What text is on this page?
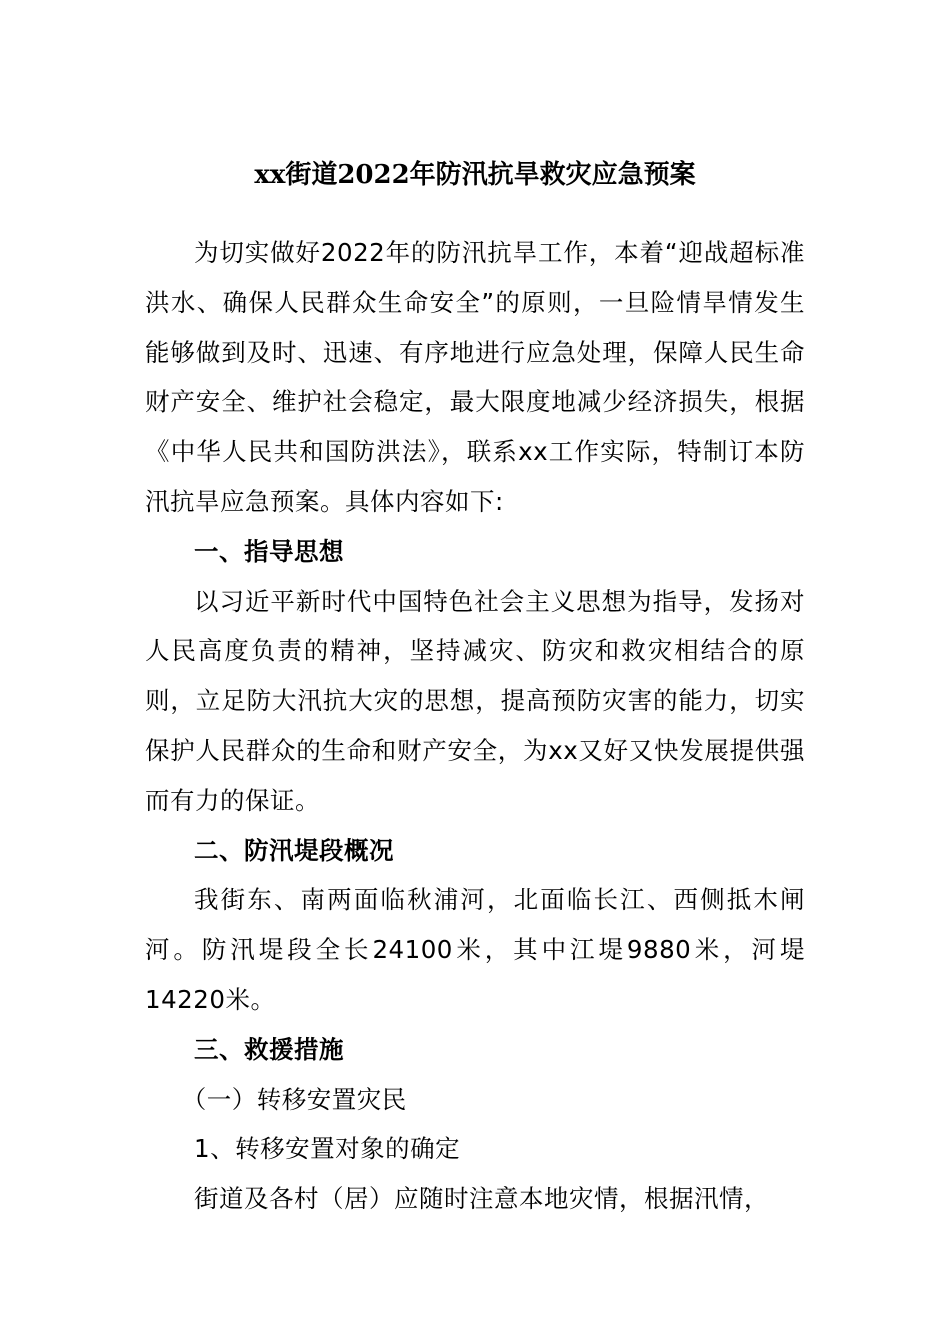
xx街道2022年防汛抗旱救灾应急预案

为切实做好2022年的防汛抗旱工作，本着“迎战超标准洪水、确保人民群众生命安全”的原则，一旦险情旱情发生能够做到及时、迅速、有序地进行应急处理，保障人民生命财产安全、维护社会稳定，最大限度地减少经济损失，根据《中华人民共和国防洪法》，联系xx工作实际，特制订本防汛抗旱应急预案。具体内容如下:

一、指导思想

以习近平新时代中国特色社会主义思想为指导，发扬对人民高度负责的精神，坚持减灾、防灾和救灾相结合的原则，立足防大汛抗大灾的思想，提高预防灾害的能力，切实保护人民群众的生命和财产安全，为xx又好又快发展提供强而有力的保证。

二、防汛堤段概况

我街东、南两面临秋浦河，北面临长江、西侧抵木闸河。防汛堤段全长24100米，其中江堤9880米，河堤14220米。

三、救援措施

（一）转移安置灾民

1、转移安置对象的确定

街道及各村（居）应随时注意本地灾情，根据汛情，
